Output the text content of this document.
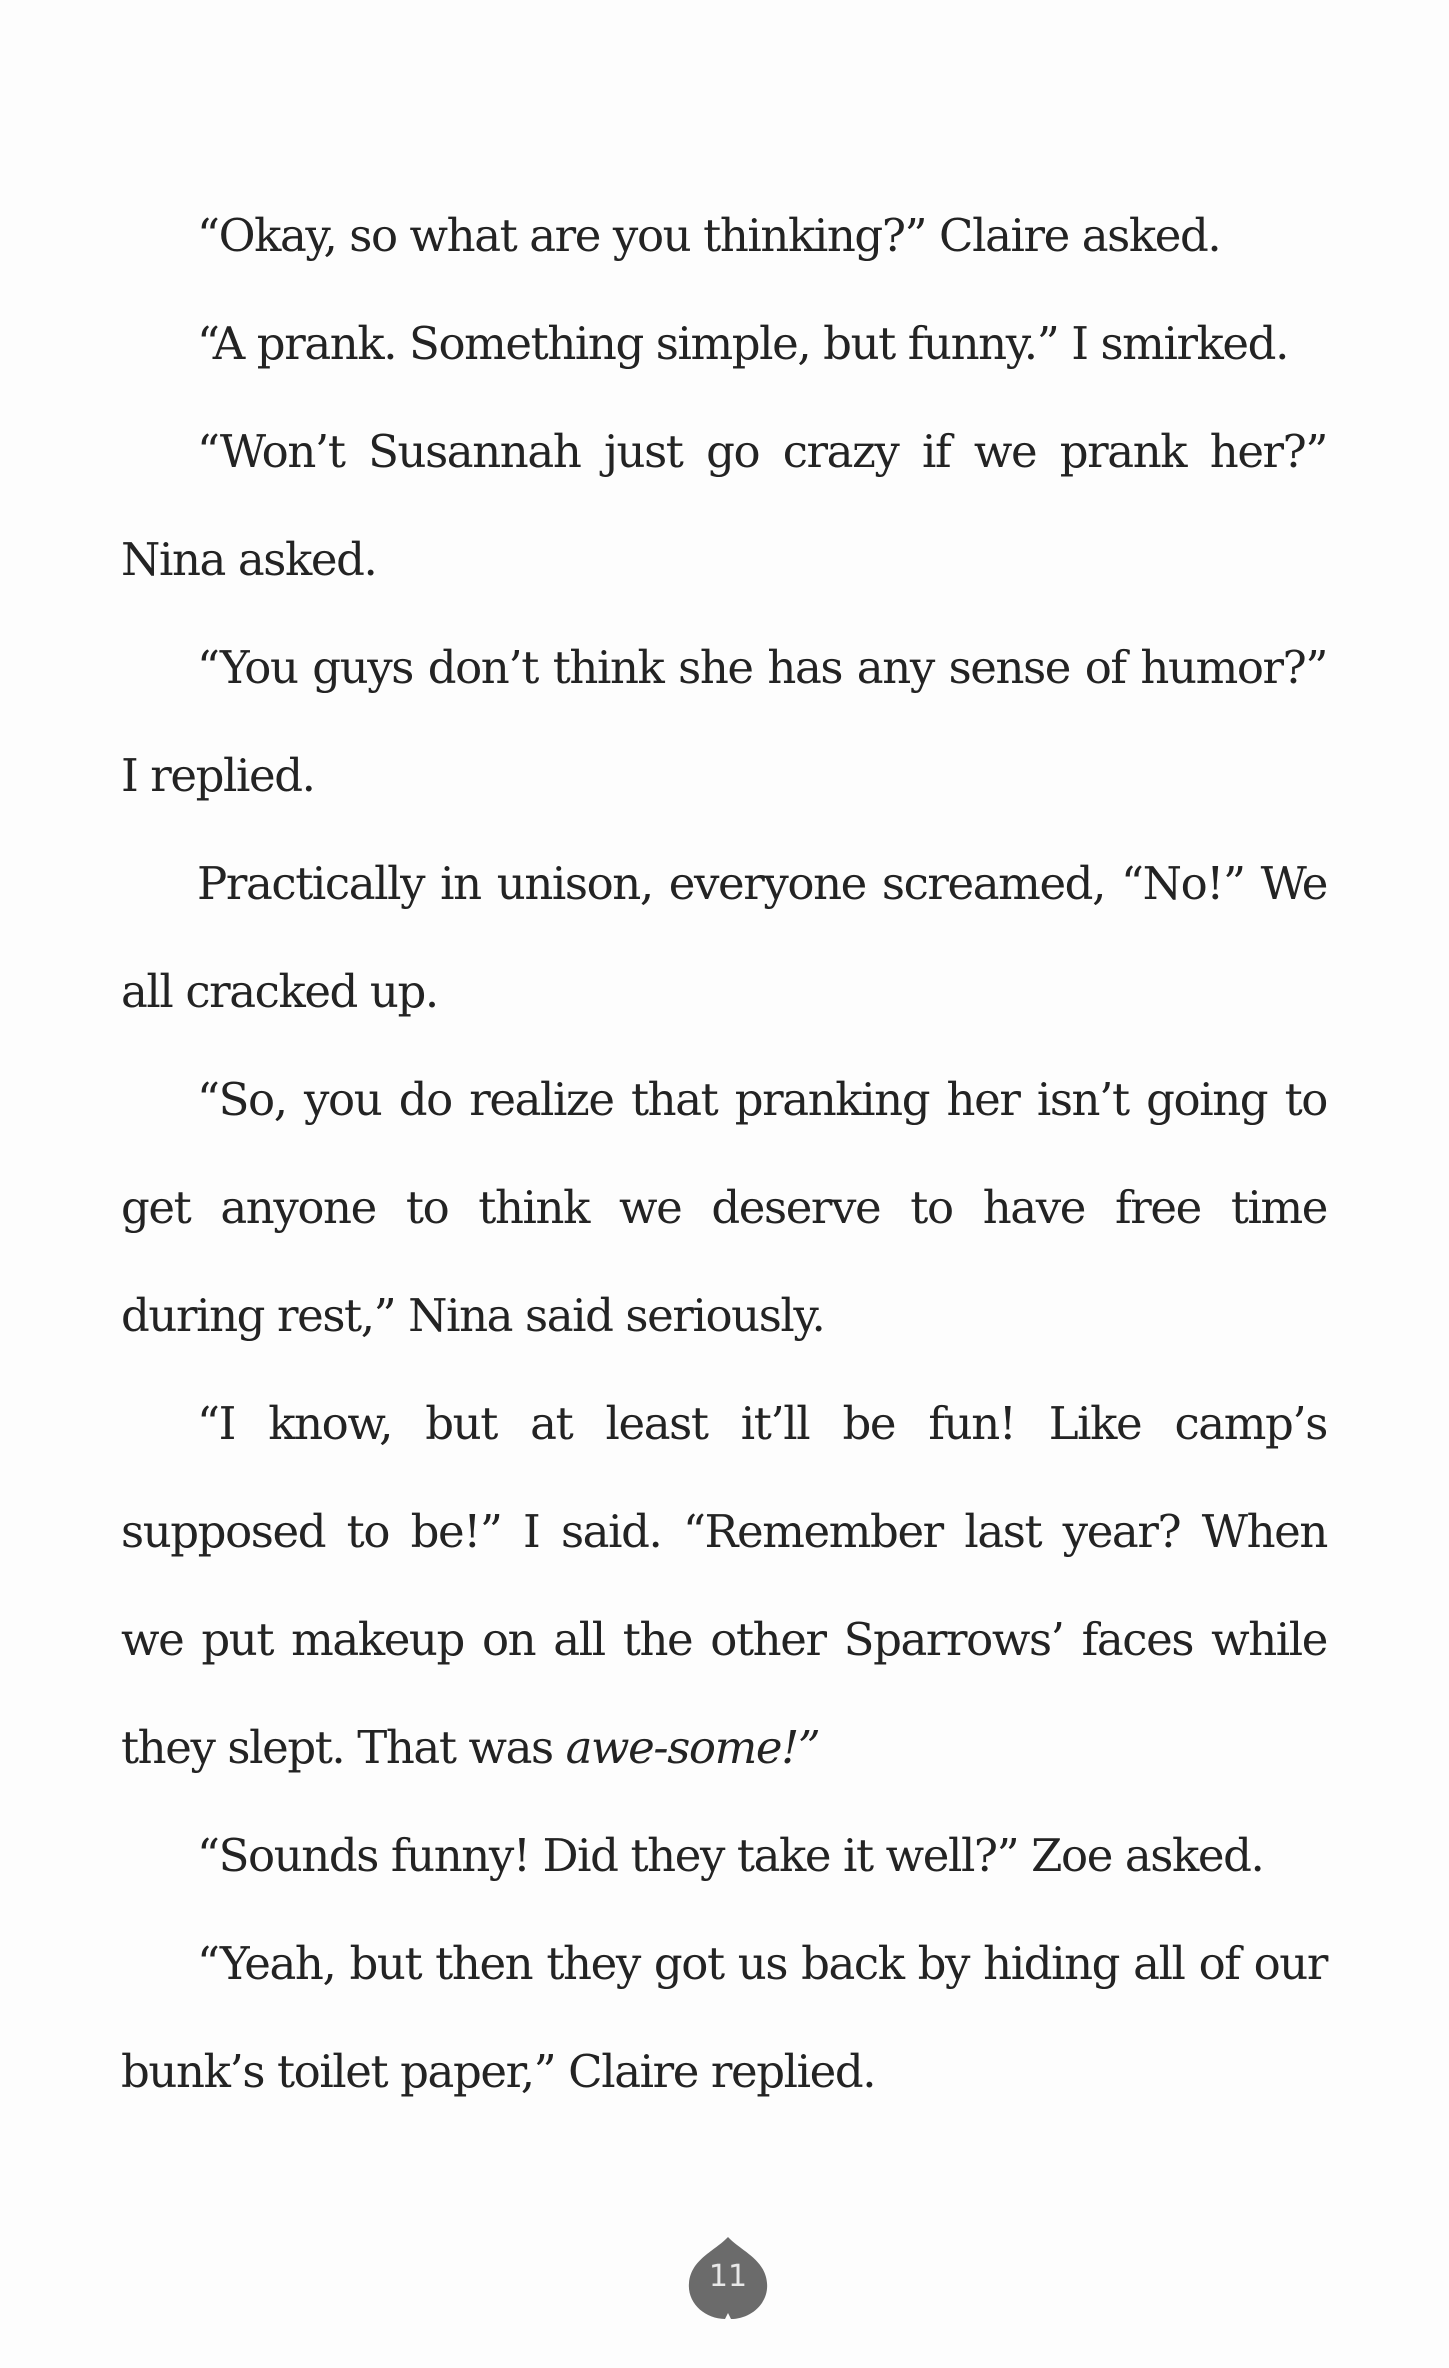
“Okay, so what are you thinking?” Claire asked.

“A prank. Something simple, but funny.” I smirked.

“Won’t Susannah just go crazy if we prank her?” Nina asked.

“You guys don’t think she has any sense of humor?” I replied.

Practically in unison, everyone screamed, “No!” We all cracked up.

“So, you do realize that pranking her isn’t going to get anyone to think we deserve to have free time during rest,” Nina said seriously.

“I know, but at least it’ll be fun! Like camp’s supposed to be!” I said. “Remember last year? When we put makeup on all the other Sparrows’ faces while they slept. That was awe-some!”

“Sounds funny! Did they take it well?” Zoe asked.

“Yeah, but then they got us back by hiding all of our bunk’s toilet paper,” Claire replied.

11
